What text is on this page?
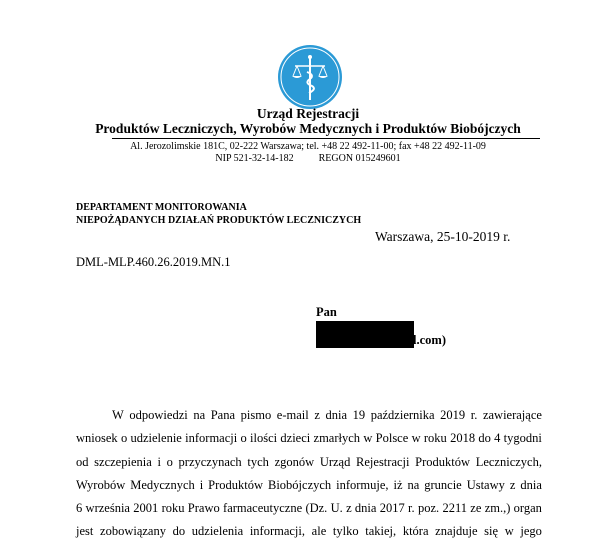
Urząd Rejestracji
Produktów Leczniczych, Wyrobów Medycznych i Produktów Biobójczych
Al. Jerozolimskie 181C, 02-222 Warszawa; tel. +48 22 492-11-00; fax +48 22 492-11-09
NIP 521-32-14-182          REGON 015249601
DEPARTAMENT MONITOROWANIA
NIEPOŻĄDANYCH DZIAŁAŃ PRODUKTÓW LECZNICZYCH
Warszawa, 25-10-2019 r.
DML-MLP.460.26.2019.MN.1
Pan
@gmail.com)
W odpowiedzi na Pana pismo e-mail z dnia 19 października 2019 r. zawierające
wniosek o udzielenie informacji o ilości dzieci zmarłych w Polsce w roku 2018 do 4 tygodni
od szczepienia i o przyczynach tych zgonów Urząd Rejestracji Produktów Leczniczych,
Wyrobów Medycznych i Produktów Biobójczych informuje, iż na gruncie Ustawy z dnia
6 września 2001 roku Prawo farmaceutyczne (Dz. U. z dnia 2017 r. poz. 2211 ze zm.,) organ
jest zobowiązany do udzielenia informacji, ale tylko takiej, która znajduje się w jego
